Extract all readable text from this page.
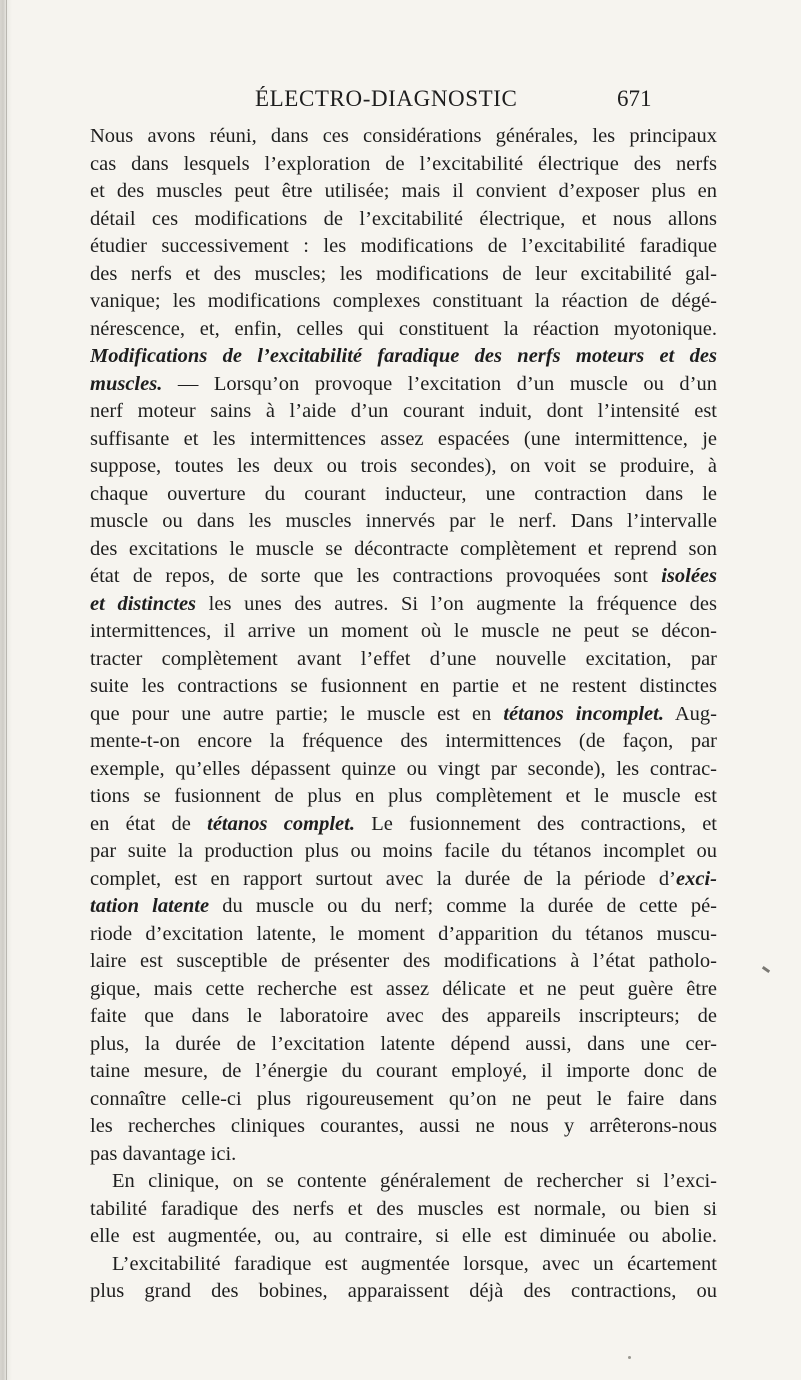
ÉLECTRO-DIAGNOSTIC	671
Nous avons réuni, dans ces considérations générales, les principaux
cas dans lesquels l’exploration de l’excitabilité électrique des nerfs
et des muscles peut être utilisée; mais il convient d’exposer plus en
détail ces modifications de l’excitabilité électrique, et nous allons
étudier successivement : les modifications de l’excitabilité faradique
des nerfs et des muscles; les modifications de leur excitabilité gal-
vanique; les modifications complexes constituant la réaction de dégé-
nérescence, et, enfin, celles qui constituent la réaction myotonique.
Modifications de l’excitabilité faradique des nerfs moteurs et des
muscles. — Lorsqu’on provoque l’excitation d’un muscle ou d’un
nerf moteur sains à l’aide d’un courant induit, dont l’intensité est
suffisante et les intermittences assez espacées (une intermittence, je
suppose, toutes les deux ou trois secondes), on voit se produire, à
chaque ouverture du courant inducteur, une contraction dans le
muscle ou dans les muscles innervés par le nerf. Dans l’intervalle
des excitations le muscle se décontracte complètement et reprend son
état de repos, de sorte que les contractions provoquées sont isolées
et distinctes les unes des autres. Si l’on augmente la fréquence des
intermittences, il arrive un moment où le muscle ne peut se décon-
tracter complètement avant l’effet d’une nouvelle excitation, par
suite les contractions se fusionnent en partie et ne restent distinctes
que pour une autre partie; le muscle est en tétanos incomplet. Aug-
mente-t-on encore la fréquence des intermittences (de façon, par
exemple, qu’elles dépassent quinze ou vingt par seconde), les contrac-
tions se fusionnent de plus en plus complètement et le muscle est
en état de tétanos complet. Le fusionnement des contractions, et
par suite la production plus ou moins facile du tétanos incomplet ou
complet, est en rapport surtout avec la durée de la période d’exci-
tation latente du muscle ou du nerf; comme la durée de cette pé-
riode d’excitation latente, le moment d’apparition du tétanos muscu-
laire est susceptible de présenter des modifications à l’état patholo-
gique, mais cette recherche est assez délicate et ne peut guère être
faite que dans le laboratoire avec des appareils inscripteurs; de
plus, la durée de l’excitation latente dépend aussi, dans une cer-
taine mesure, de l’énergie du courant employé, il importe donc de
connaître celle-ci plus rigoureusement qu’on ne peut le faire dans
les recherches cliniques courantes, aussi ne nous y arrêterons-nous
pas davantage ici.
En clinique, on se contente généralement de rechercher si l’exci-
tabilité faradique des nerfs et des muscles est normale, ou bien si
elle est augmentée, ou, au contraire, si elle est diminuée ou abolie.
L’excitabilité faradique est augmentée lorsque, avec un écartement
plus grand des bobines, apparaissent déjà des contractions, ou
